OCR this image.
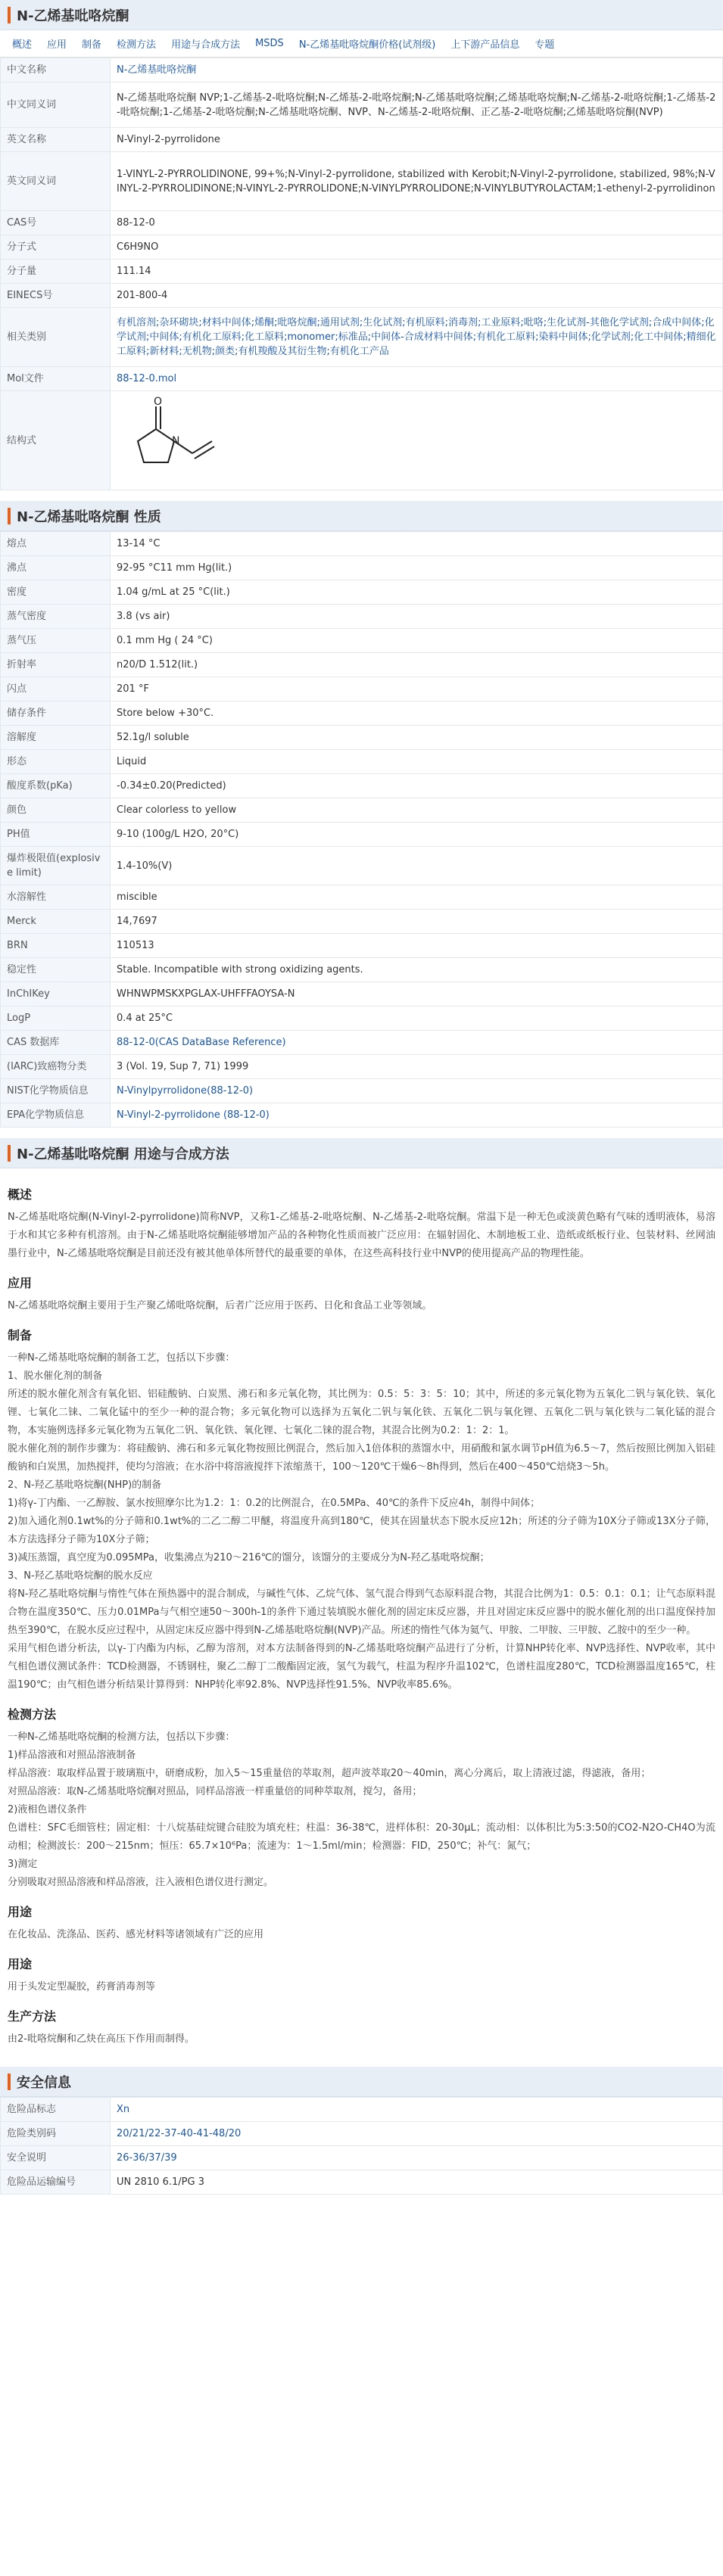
N-乙烯基吡咯烷酮
概述	应用	制备	检测方法	用途与合成方法	MSDS	N-乙烯基吡咯烷酮价格(试剂级)	上下游产品信息	专题
中文名称	N-乙烯基吡咯烷酮
中文同义词	N-乙烯基吡咯烷酮 NVP;1-乙烯基-2-吡咯烷酮;N-乙烯基-2-吡咯烷酮;N-乙烯基吡咯烷酮;乙烯基吡咯烷酮;N-乙烯基-2-吡咯烷酮;1-乙烯基-2-吡咯烷酮;1-乙烯基-2-吡咯烷酮;N-乙烯基吡咯烷酮、NVP、N-乙烯基-2-吡咯烷酮、正乙基-2-吡咯烷酮;乙烯基吡咯烷酮(NVP)
英文名称	N-Vinyl-2-pyrrolidone
英文同义词	1-VINYL-2-PYRROLIDINONE, 99+%;N-Vinyl-2-pyrrolidone, stabilized with Kerobit;N-Vinyl-2-pyrrolidone, stabilized, 98%;N-VINYL-2-PYRROLIDINONE;N-VINYL-2-PYRROLIDONE;N-VINYLPYRROLIDONE;N-VINYLBUTYROLACTAM;1-ethenyl-2-pyrrolidinon
CAS号	88-12-0
分子式	C6H9NO
分子量	111.14
EINECS号	201-800-4
相关类别	有机溶剂;杂环砌块;材料中间体;烯酮;吡咯烷酮;通用试剂;生化试剂;有机原料;消毒剂;工业原料;吡咯;生化试剂-其他化学试剂;合成中间体;化学试剂;中间体;有机化工原料;化工原料;monomer;标准品;中间体-合成材料中间体;有机化工原料;染料中间体;化学试剂;化工中间体;精细化工原料;新材料;无机物;颜类;有机羧酸及其衍生物;有机化工产品
Mol文件	88-12-0.mol
结构式	O
N
N-乙烯基吡咯烷酮 性质
熔点	13-14 °C
沸点	92-95 °C11 mm Hg(lit.)
密度	1.04 g/mL at 25 °C(lit.)
蒸气密度	3.8 (vs air)
蒸气压	0.1 mm Hg ( 24 °C)
折射率	n20/D 1.512(lit.)
闪点	201 °F
储存条件	Store below +30°C.
溶解度	52.1g/l soluble
形态	Liquid
酸度系数(pKa)	-0.34±0.20(Predicted)
颜色	Clear colorless to yellow
PH值	9-10 (100g/L H2O, 20°C)
爆炸极限值(explosive limit)	1.4-10%(V)
水溶解性	miscible
Merck	14,7697
BRN	110513
稳定性	Stable. Incompatible with strong oxidizing agents.
InChIKey	WHNWPMSKXPGLAX-UHFFFAOYSA-N
LogP	0.4 at 25°C
CAS 数据库	88-12-0(CAS DataBase Reference)
(IARC)致癌物分类	3 (Vol. 19, Sup 7, 71) 1999
NIST化学物质信息	N-Vinylpyrrolidone(88-12-0)
EPA化学物质信息	N-Vinyl-2-pyrrolidone (88-12-0)
N-乙烯基吡咯烷酮 用途与合成方法
概述

N-乙烯基吡咯烷酮(N-Vinyl-2-pyrrolidone)简称NVP，又称1-乙烯基-2-吡咯烷酮、N-乙烯基-2-吡咯烷酮。常温下是一种无色或淡黄色略有气味的透明液体，易溶于水和其它多种有机溶剂。由于N-乙烯基吡咯烷酮能够增加产品的各种物化性质而被广泛应用：在辐射固化、木制地板工业、造纸或纸板行业、包装材料、丝网油墨行业中，N-乙烯基吡咯烷酮是目前还没有被其他单体所替代的最重要的单体，在这些高科技行业中NVP的使用提高产品的物理性能。

应用

N-乙烯基吡咯烷酮主要用于生产聚乙烯吡咯烷酮，后者广泛应用于医药、日化和食品工业等领域。

制备

一种N-乙烯基吡咯烷酮的制备工艺，包括以下步骤：

1、脱水催化剂的制备

所述的脱水催化剂含有氧化铝、铝硅酸钠、白炭黑、沸石和多元氧化物，其比例为：0.5：5：3：5：10；其中，所述的多元氧化物为五氧化二钒与氧化铁、氧化锂、七氧化二铼、二氧化锰中的至少一种的混合物；多元氧化物可以选择为五氧化二钒与氧化铁、五氧化二钒与氧化锂、五氧化二钒与氧化铁与二氧化锰的混合物，本实施例选择多元氧化物为五氧化二钒、氧化铁、氧化锂、七氧化二铼的混合物，其混合比例为0.2：1：2：1。

脱水催化剂的制作步骤为：将硅酸钠、沸石和多元氧化物按照比例混合，然后加入1倍体积的蒸馏水中，用硝酸和氯水调节pH值为6.5～7，然后按照比例加入铝硅酸钠和白炭黑，加热搅拌，使均匀溶液；在水浴中将溶液搅拌下浓缩蒸干，100～120℃干燥6～8h得到，然后在400～450℃焙烧3～5h。

2、N-羟乙基吡咯烷酮(NHP)的制备

1)将γ-丁内酯、一乙醇胺、氯水按照摩尔比为1.2：1：0.2的比例混合，在0.5MPa、40℃的条件下反应4h，制得中间体；

2)加入通化剂0.1wt%的分子筛和0.1wt%的二乙二醇二甲醚，将温度升高到180℃，使其在固量状态下脱水反应12h；所述的分子筛为10X分子筛或13X分子筛，本方法选择分子筛为10X分子筛；

3)减压蒸馏，真空度为0.095MPa，收集沸点为210～216℃的馏分，该馏分的主要成分为N-羟乙基吡咯烷酮；

3、N-羟乙基吡咯烷酮的脱水反应

将N-羟乙基吡咯烷酮与惰性气体在预热器中的混合制成，与碱性气体、乙烷气体、氢气混合得到气态原料混合物，其混合比例为1：0.5：0.1：0.1；让气态原料混合物在温度350℃、压力0.01MPa与气相空速50～300h-1的条件下通过装填脱水催化剂的固定床反应器，并且对固定床反应器中的脱水催化剂的出口温度保持加热至390℃，在脱水反应过程中，从固定床反应器中得到N-乙烯基吡咯烷酮(NVP)产品。所述的惰性气体为氦气、甲胺、二甲胺、三甲胺、乙胺中的至少一种。

采用气相色谱分析法，以γ-丁内酯为内标，乙醇为溶剂，对本方法制备得到的N-乙烯基吡咯烷酮产品进行了分析，计算NHP转化率、NVP选择性、NVP收率，其中气相色谱仪测试条件：TCD检测器，不锈钢柱，聚乙二醇丁二酸酯固定液，氢气为载气，柱温为程序升温102℃，色谱柱温度280℃，TCD检测器温度165℃，柱温190℃；由气相色谱分析结果计算得到：NHP转化率92.8%、NVP选择性91.5%、NVP收率85.6%。

检测方法

一种N-乙烯基吡咯烷酮的检测方法，包括以下步骤：

1)样品溶液和对照品溶液制备

样品溶液：取取样品置于玻璃瓶中，研磨成粉，加入5～15重量倍的萃取剂，超声波萃取20～40min，离心分离后，取上清液过滤，得滤液，备用；

对照品溶液：取N-乙烯基吡咯烷酮对照品，同样品溶液一样重量倍的同种萃取剂，搅匀，备用；

2)液相色谱仪条件

色谱柱：SFC毛细管柱；固定相：十八烷基硅烷键合硅胶为填充柱；柱温：36-38℃，进样体积：20-30μL；流动相：以体积比为5:3:50的CO2-N2O-CH4O为流动相；检测波长：200～215nm；恒压：65.7×10⁶Pa；流速为：1～1.5ml/min；检测器：FID，250℃；补气：氮气；

3)测定

分别吸取对照品溶液和样品溶液，注入液相色谱仪进行测定。

用途

在化妆品、洗涤品、医药、感光材料等诸领域有广泛的应用

用途

用于头发定型凝胶，药膏消毒剂等

生产方法

由2-吡咯烷酮和乙炔在高压下作用而制得。

安全信息
危险品标志	Xn
危险类别码	20/21/22-37-40-41-48/20
安全说明	26-36/37/39
危险品运输编号	UN 2810 6.1/PG 3
